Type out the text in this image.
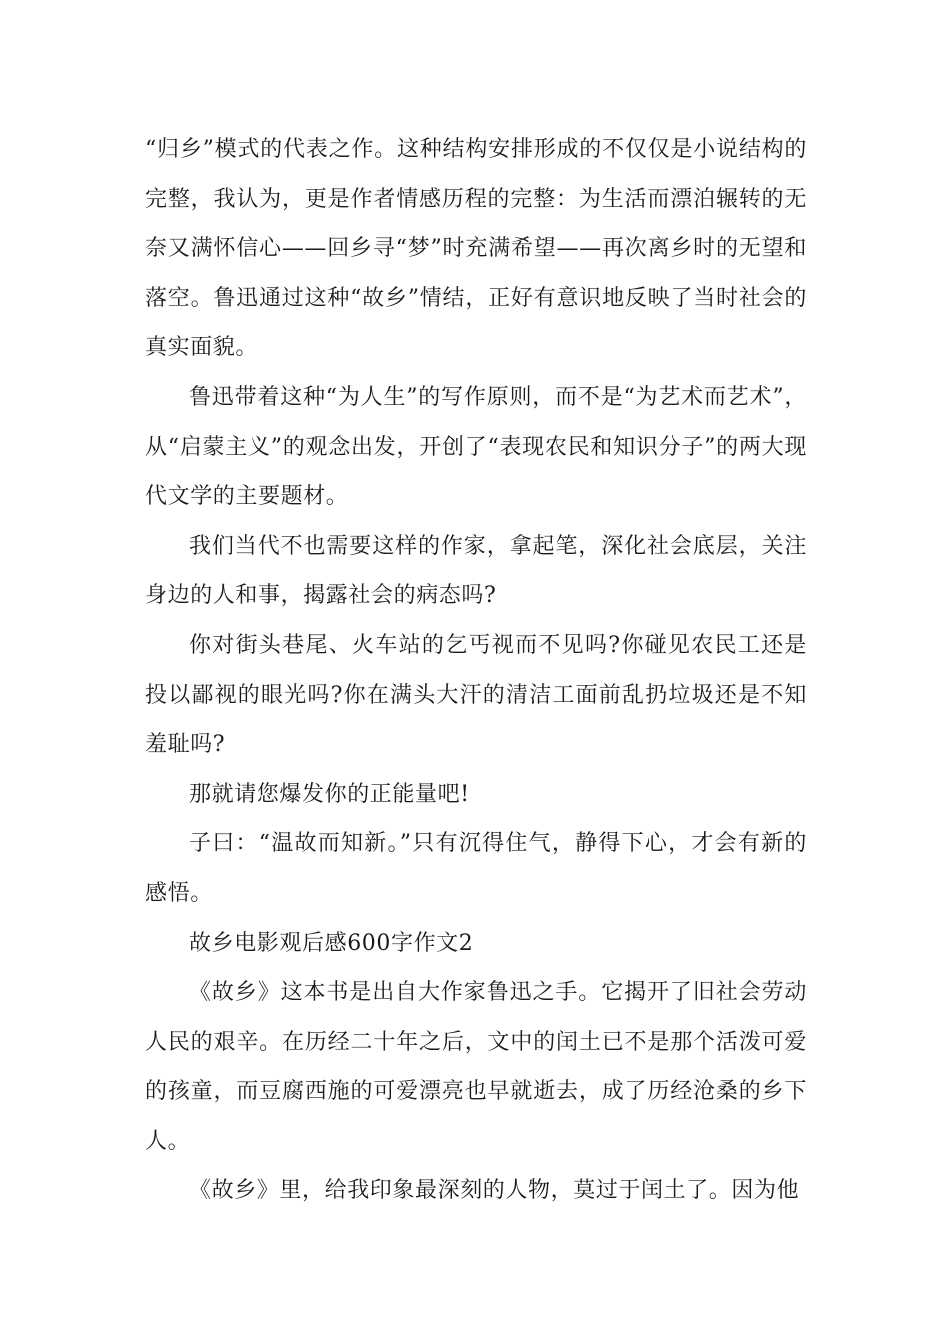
“归乡”模式的代表之作。这种结构安排形成的不仅仅是小说结构的完整，我认为，更是作者情感历程的完整：为生活而漂泊辗转的无奈又满怀信心——回乡寻“梦”时充满希望——再次离乡时的无望和落空。鲁迅通过这种“故乡”情结，正好有意识地反映了当时社会的真实面貌。

鲁迅带着这种“为人生”的写作原则，而不是“为艺术而艺术”，从“启蒙主义”的观念出发，开创了“表现农民和知识分子”的两大现代文学的主要题材。

我们当代不也需要这样的作家，拿起笔，深化社会底层，关注身边的人和事，揭露社会的病态吗?

你对街头巷尾、火车站的乞丐视而不见吗?你碰见农民工还是投以鄙视的眼光吗?你在满头大汗的清洁工面前乱扔垃圾还是不知羞耻吗?

那就请您爆发你的正能量吧!

子曰：“温故而知新。”只有沉得住气，静得下心，才会有新的感悟。

故乡电影观后感600字作文2

《故乡》这本书是出自大作家鲁迅之手。它揭开了旧社会劳动人民的艰辛。在历经二十年之后，文中的闰土已不是那个活泼可爱的孩童，而豆腐西施的可爱漂亮也早就逝去，成了历经沧桑的乡下人。

《故乡》里，给我印象最深刻的人物，莫过于闰土了。因为他
